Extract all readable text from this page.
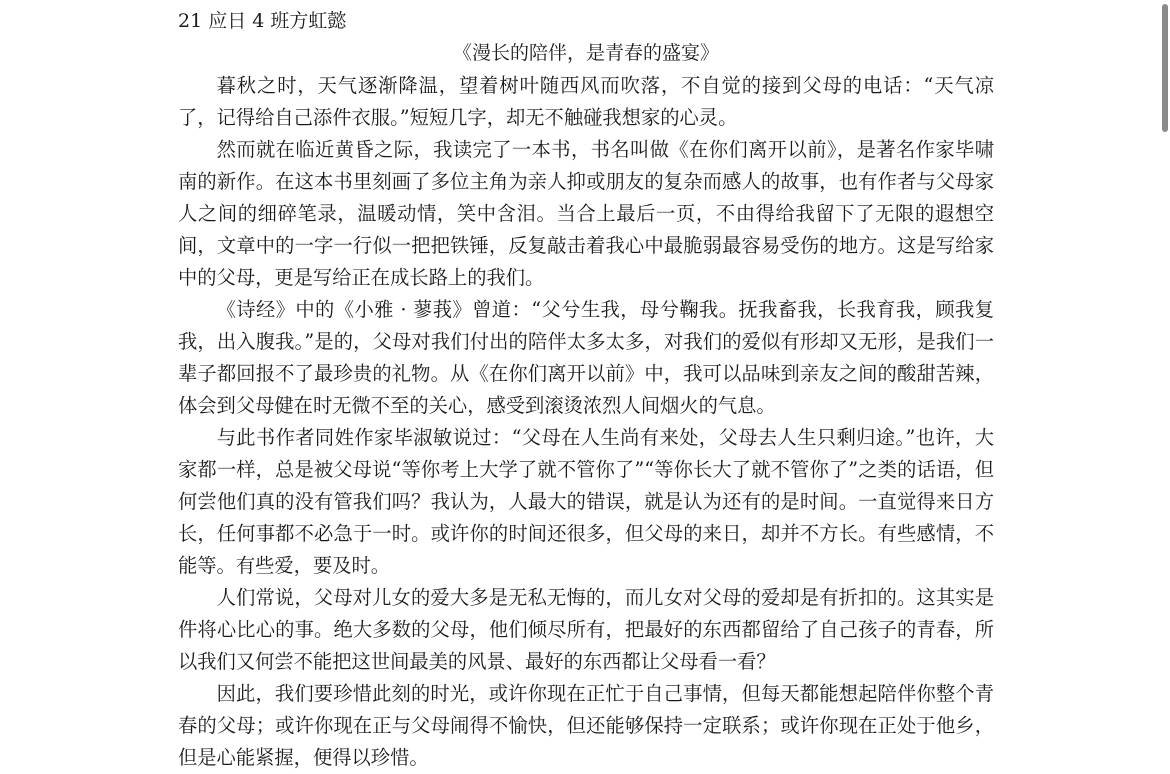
21 应日 4 班方虹懿
《漫长的陪伴，是青春的盛宴》

暮秋之时，天气逐渐降温，望着树叶随西风而吹落，不自觉的接到父母的电话：“天气凉了，记得给自己添件衣服。”短短几字，却无不触碰我想家的心灵。

然而就在临近黄昏之际，我读完了一本书，书名叫做《在你们离开以前》，是著名作家毕啸南的新作。在这本书里刻画了多位主角为亲人抑或朋友的复杂而感人的故事，也有作者与父母家人之间的细碎笔录，温暖动情，笑中含泪。当合上最后一页，不由得给我留下了无限的遐想空间，文章中的一字一行似一把把铁锤，反复敲击着我心中最脆弱最容易受伤的地方。这是写给家中的父母，更是写给正在成长路上的我们。

《诗经》中的《小雅 · 蓼莪》曾道：“父兮生我，母兮鞠我。抚我畜我，长我育我，顾我复我，出入腹我。”是的，父母对我们付出的陪伴太多太多，对我们的爱似有形却又无形，是我们一辈子都回报不了最珍贵的礼物。从《在你们离开以前》中，我可以品味到亲友之间的酸甜苦辣，体会到父母健在时无微不至的关心，感受到滚烫浓烈人间烟火的气息。

与此书作者同姓作家毕淑敏说过：“父母在人生尚有来处，父母去人生只剩归途。”也许，大家都一样，总是被父母说“等你考上大学了就不管你了”“等你长大了就不管你了”之类的话语，但何尝他们真的没有管我们吗？我认为，人最大的错误，就是认为还有的是时间。一直觉得来日方长，任何事都不必急于一时。或许你的时间还很多，但父母的来日，却并不方长。有些感情，不能等。有些爱，要及时。

人们常说，父母对儿女的爱大多是无私无悔的，而儿女对父母的爱却是有折扣的。这其实是件将心比心的事。绝大多数的父母，他们倾尽所有，把最好的东西都留给了自己孩子的青春，所以我们又何尝不能把这世间最美的风景、最好的东西都让父母看一看？

因此，我们要珍惜此刻的时光，或许你现在正忙于自己事情，但每天都能想起陪伴你整个青春的父母；或许你现在正与父母闹得不愉快，但还能够保持一定联系；或许你现在正处于他乡，但是心能紧握，便得以珍惜。
